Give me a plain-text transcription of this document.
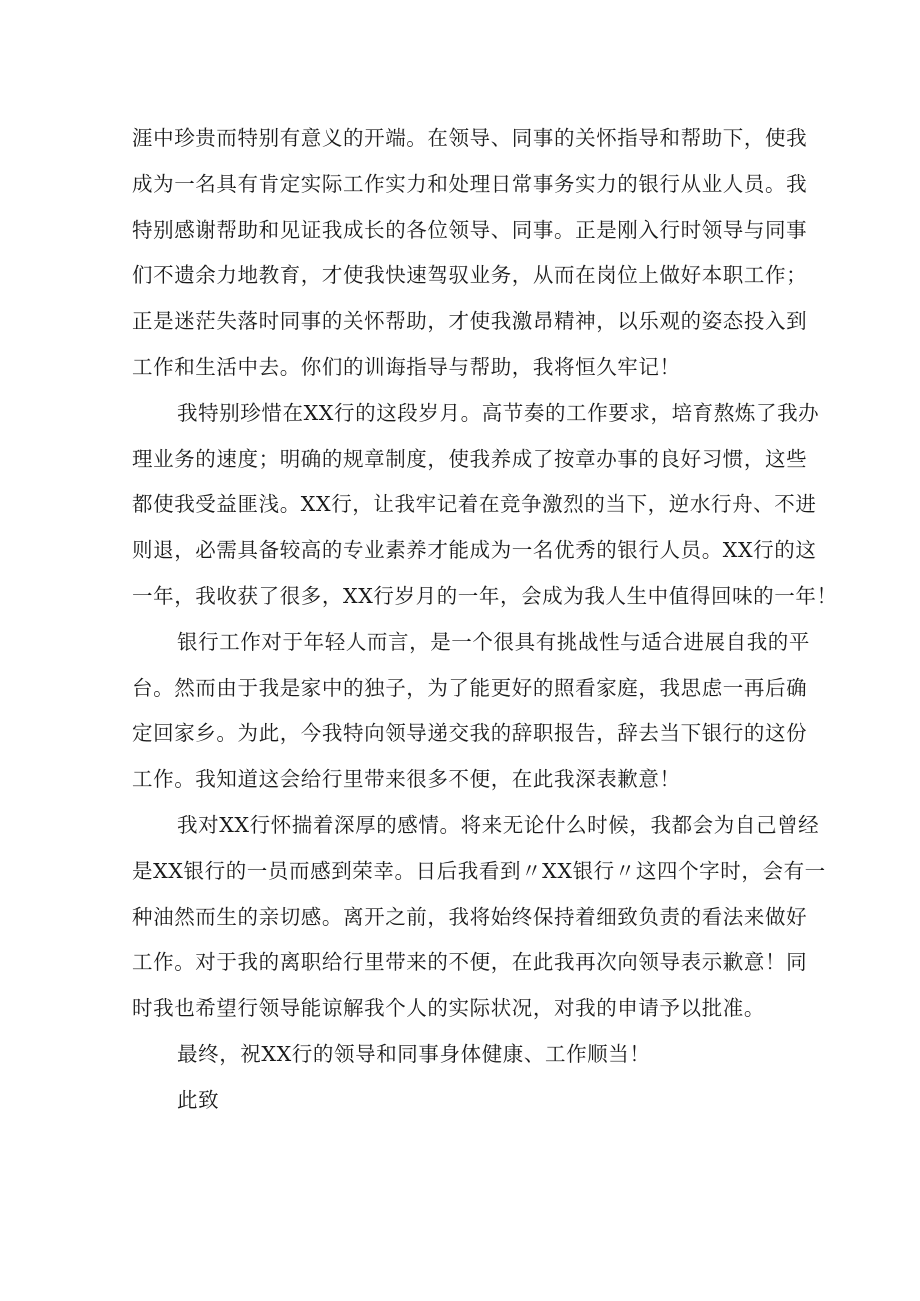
涯中珍贵而特别有意义的开端。在领导、同事的关怀指导和帮助下，使我
成为一名具有肯定实际工作实力和处理日常事务实力的银行从业人员。我
特别感谢帮助和见证我成长的各位领导、同事。正是刚入行时领导与同事
们不遗余力地教育，才使我快速驾驭业务，从而在岗位上做好本职工作；
正是迷茫失落时同事的关怀帮助，才使我激昂精神，以乐观的姿态投入到
工作和生活中去。你们的训诲指导与帮助，我将恒久牢记！
我特别珍惜在XX行的这段岁月。高节奏的工作要求，培育熬炼了我办
理业务的速度；明确的规章制度，使我养成了按章办事的良好习惯，这些
都使我受益匪浅。XX行，让我牢记着在竞争激烈的当下，逆水行舟、不进
则退，必需具备较高的专业素养才能成为一名优秀的银行人员。XX行的这
一年，我收获了很多，XX行岁月的一年，会成为我人生中值得回味的一年！
银行工作对于年轻人而言，是一个很具有挑战性与适合进展自我的平
台。然而由于我是家中的独子，为了能更好的照看家庭，我思虑一再后确
定回家乡。为此，今我特向领导递交我的辞职报告，辞去当下银行的这份
工作。我知道这会给行里带来很多不便，在此我深表歉意！
我对XX行怀揣着深厚的感情。将来无论什么时候，我都会为自己曾经
是XX银行的一员而感到荣幸。日后我看到〃XX银行〃这四个字时，会有一
种油然而生的亲切感。离开之前，我将始终保持着细致负责的看法来做好
工作。对于我的离职给行里带来的不便，在此我再次向领导表示歉意！同
时我也希望行领导能谅解我个人的实际状况，对我的申请予以批准。
最终，祝XX行的领导和同事身体健康、工作顺当！
此致
